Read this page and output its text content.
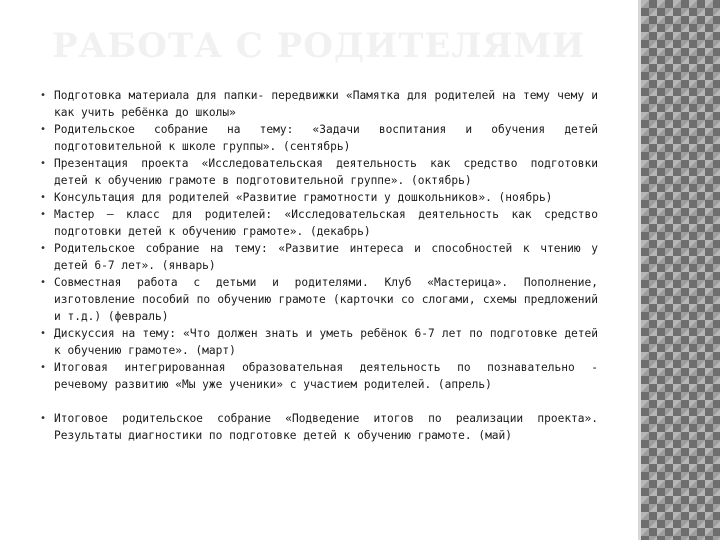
РАБОТА С РОДИТЕЛЯМИ
• Подготовка материала для папки- передвижки «Памятка для родителей на тему чему и как учить ребёнка до школы»
• Родительское собрание на тему: «Задачи воспитания и обучения детей подготовительной к школе группы». (сентябрь)
• Презентация проекта «Исследовательская деятельность как средство подготовки детей к обучению грамоте в подготовительной группе». (октябрь)
• Консультация для родителей «Развитие грамотности у дошкольников». (ноябрь)
• Мастер – класс для родителей: «Исследовательская деятельность как средство подготовки детей к обучению грамоте». (декабрь)
• Родительское собрание на тему: «Развитие интереса и способностей к чтению у детей 6-7 лет». (январь)
• Совместная работа с детьми и родителями. Клуб «Мастерица». Пополнение, изготовление пособий по обучению грамоте (карточки со слогами, схемы предложений и т.д.) (февраль)
• Дискуссия на тему: «Что должен знать и уметь ребёнок 6-7 лет по подготовке детей к обучению грамоте». (март)
• Итоговая интегрированная образовательная деятельность по познавательно - речевому развитию «Мы уже ученики» с участием родителей. (апрель)
• Итоговое родительское собрание «Подведение итогов по реализации проекта». Результаты диагностики по подготовке детей к обучению грамоте. (май)
